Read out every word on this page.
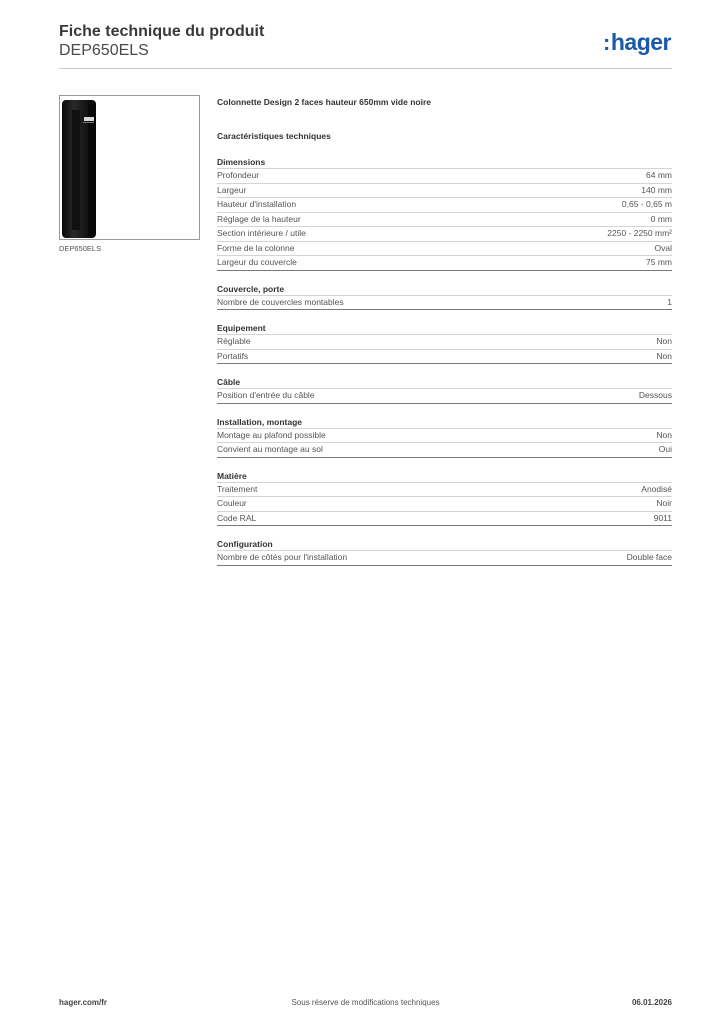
Fiche technique du produit
DEP650ELS	:hager
DEP650ELS
Colonnette Design 2 faces hauteur 650mm vide noire
Caractéristiques techniques
Dimensions
Profondeur	64 mm
Largeur	140 mm
Hauteur d'installation	0,65 - 0,65 m
Réglage de la hauteur	0 mm
Section intérieure / utile	2250 - 2250 mm²
Forme de la colonne	Oval
Largeur du couvercle	75 mm
Couvercle, porte
Nombre de couvercles montables	1
Equipement
Réglable	Non
Portatifs	Non
Câble
Position d'entrée du câble	Dessous
Installation, montage
Montage au plafond possible	Non
Convient au montage au sol	Oui
Matière
Traitement	Anodisé
Couleur	Noir
Code RAL	9011
Configuration
Nombre de côtés pour l'installation	Double face
hager.com/fr	Sous réserve de modifications techniques	06.01.2026
